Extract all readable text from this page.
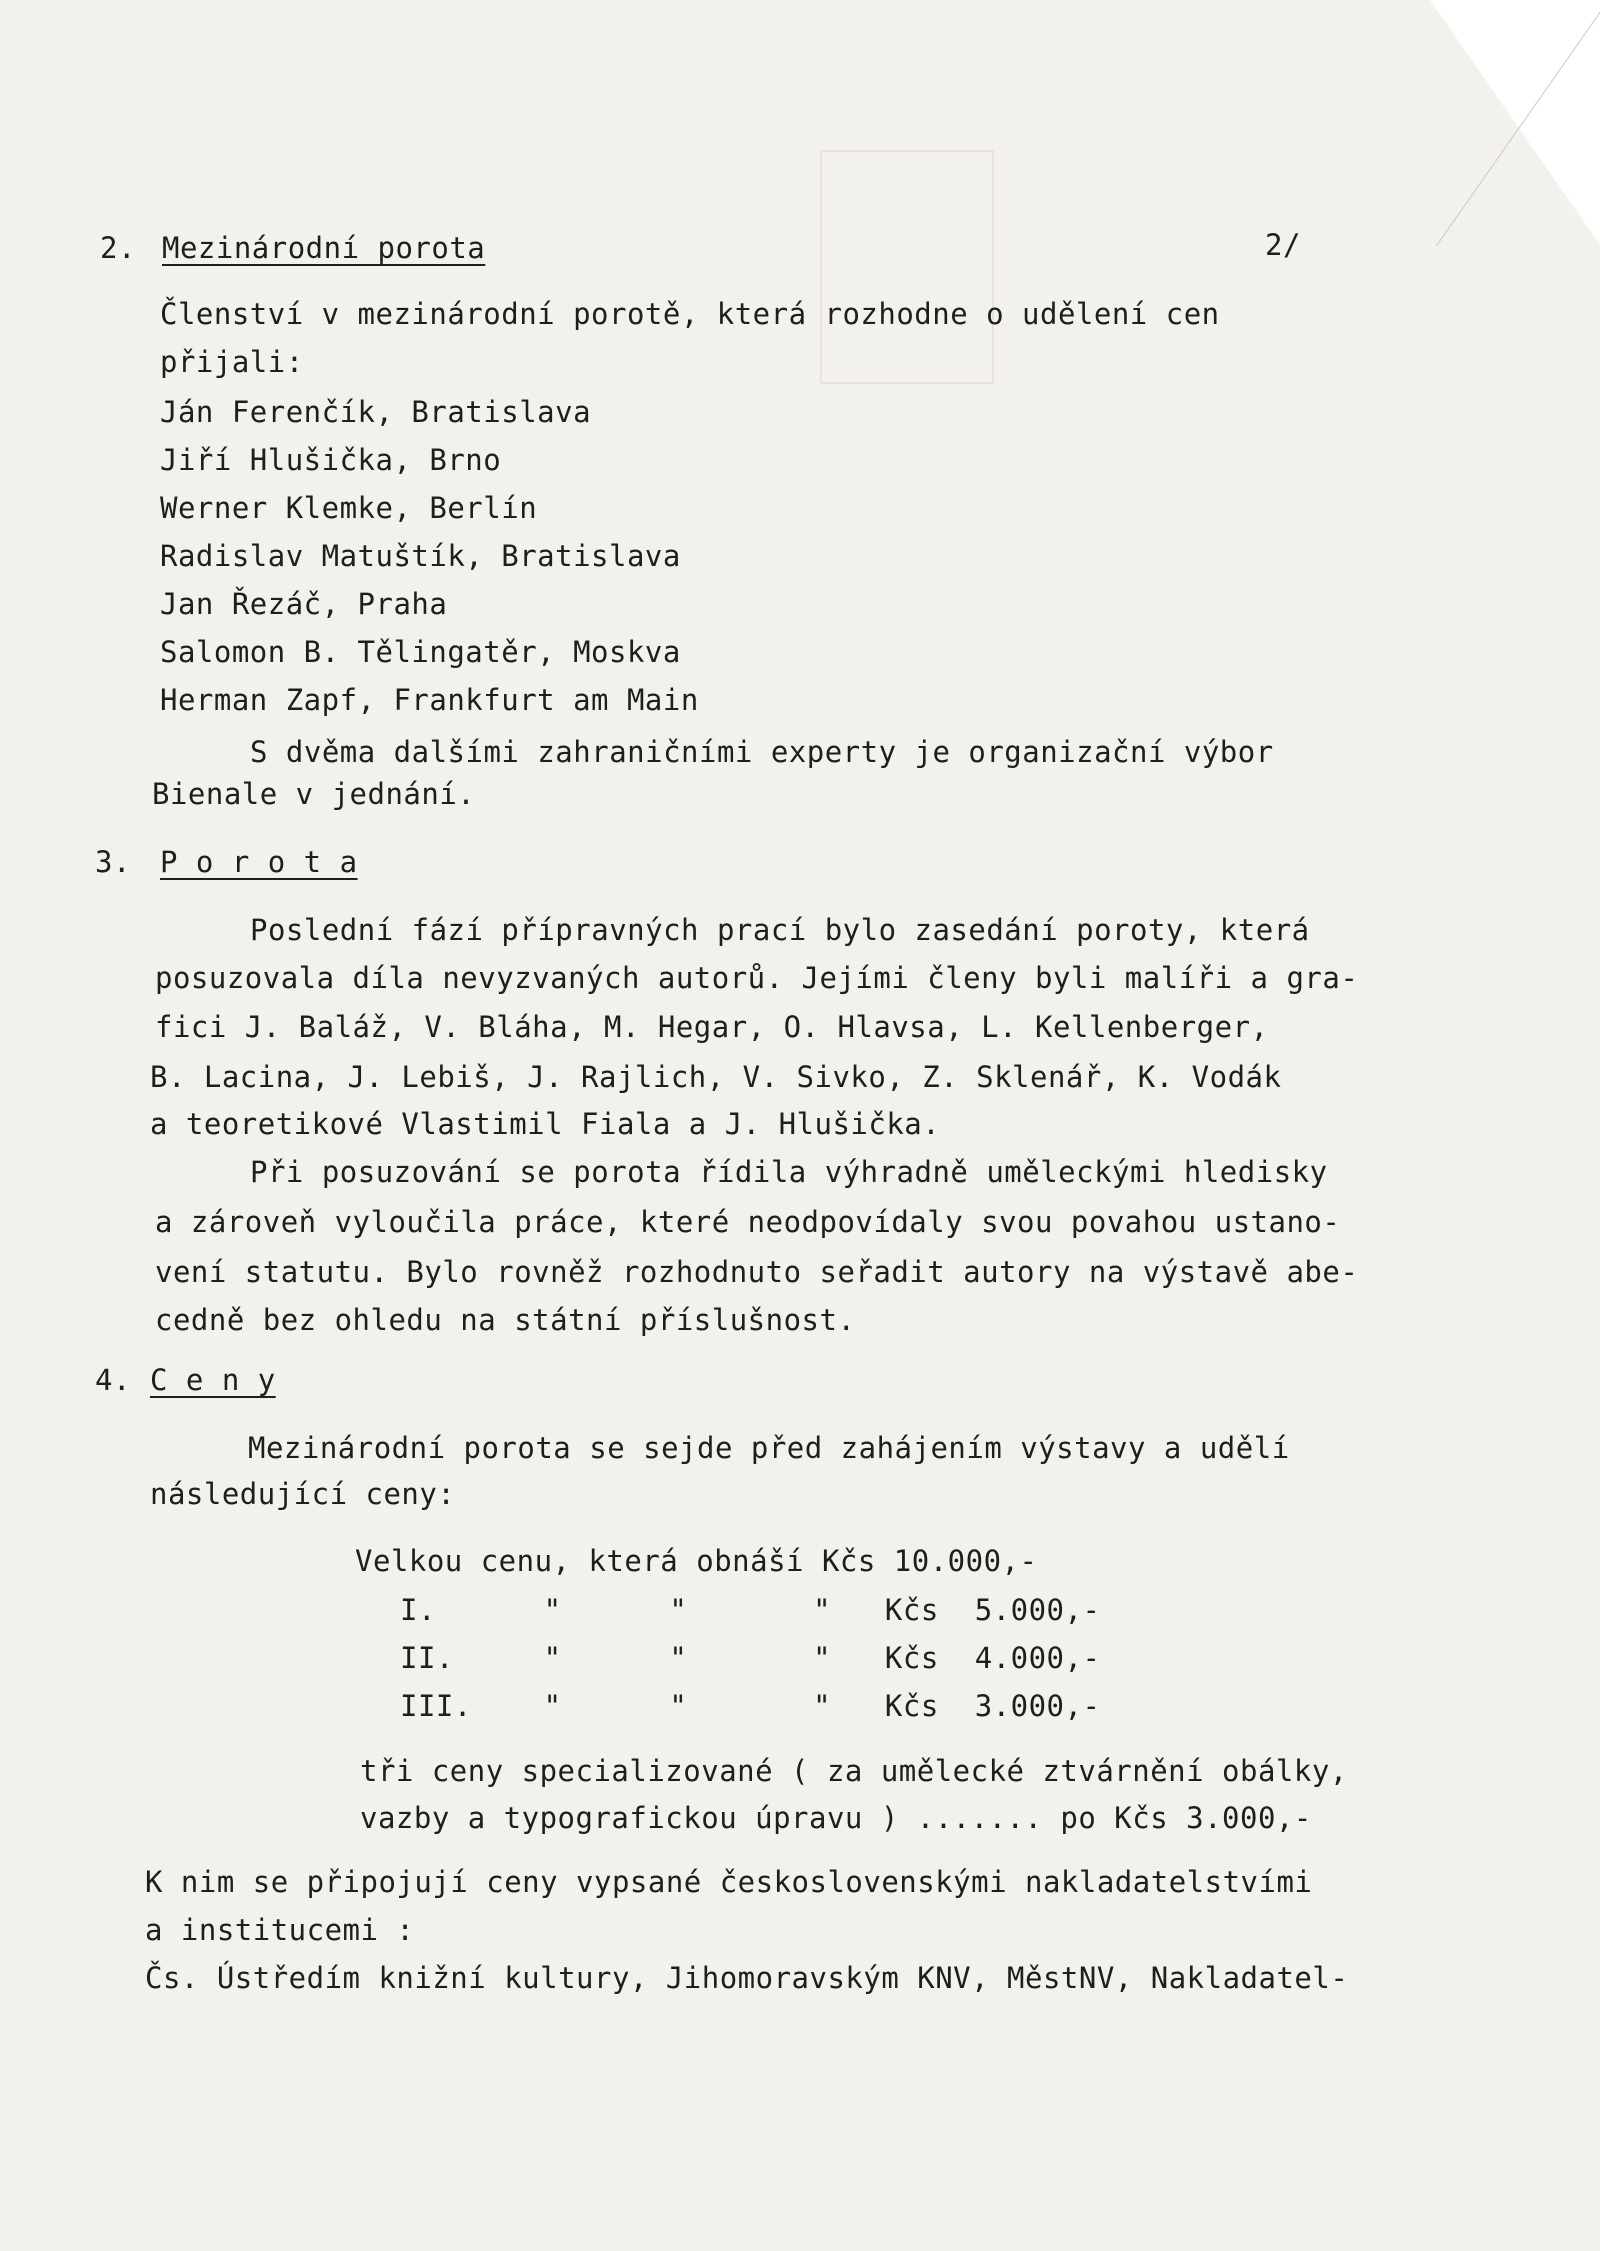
2/
2. Mezinárodní porota
Členství v mezinárodní porotě, která rozhodne o udělení cen
přijali:
Ján Ferenčík, Bratislava
Jiří Hlušička, Brno
Werner Klemke, Berlín
Radislav Matuštík, Bratislava
Jan Řezáč, Praha
Salomon B. Tělingatěr, Moskva
Herman Zapf, Frankfurt am Main
S dvěma dalšími zahraničními experty je organizační výbor
Bienale v jednání.
3. P o r o t a
Poslední fází přípravných prací bylo zasedání poroty, která
posuzovala díla nevyzvaných autorů. Jejími členy byli malíři a gra-
fici J. Baláž, V. Bláha, M. Hegar, O. Hlavsa, L. Kellenberger,
B. Lacina, J. Lebiš, J. Rajlich, V. Sivko, Z. Sklenář, K. Vodák
a teoretikové Vlastimil Fiala a J. Hlušička.
Při posuzování se porota řídila výhradně uměleckými hledisky
a zároveň vyloučila práce, které neodpovídaly svou povahou ustano-
vení statutu. Bylo rovněž rozhodnuto seřadit autory na výstavě abe-
cedně bez ohledu na státní příslušnost.
4. C e n y
Mezinárodní porota se sejde před zahájením výstavy a udělí
následující ceny:
Velkou cenu, která obnáší Kčs 10.000,-
I.      "      "       "   Kčs  5.000,-
II.     "      "       "   Kčs  4.000,-
III.    "      "       "   Kčs  3.000,-
tři ceny specializované ( za umělecké ztvárnění obálky,
vazby a typografickou úpravu ) ....... po Kčs 3.000,-
K nim se připojují ceny vypsané československými nakladatelstvími
a institucemi :
Čs. Ústředím knižní kultury, Jihomoravským KNV, MěstNV, Nakladatel-
